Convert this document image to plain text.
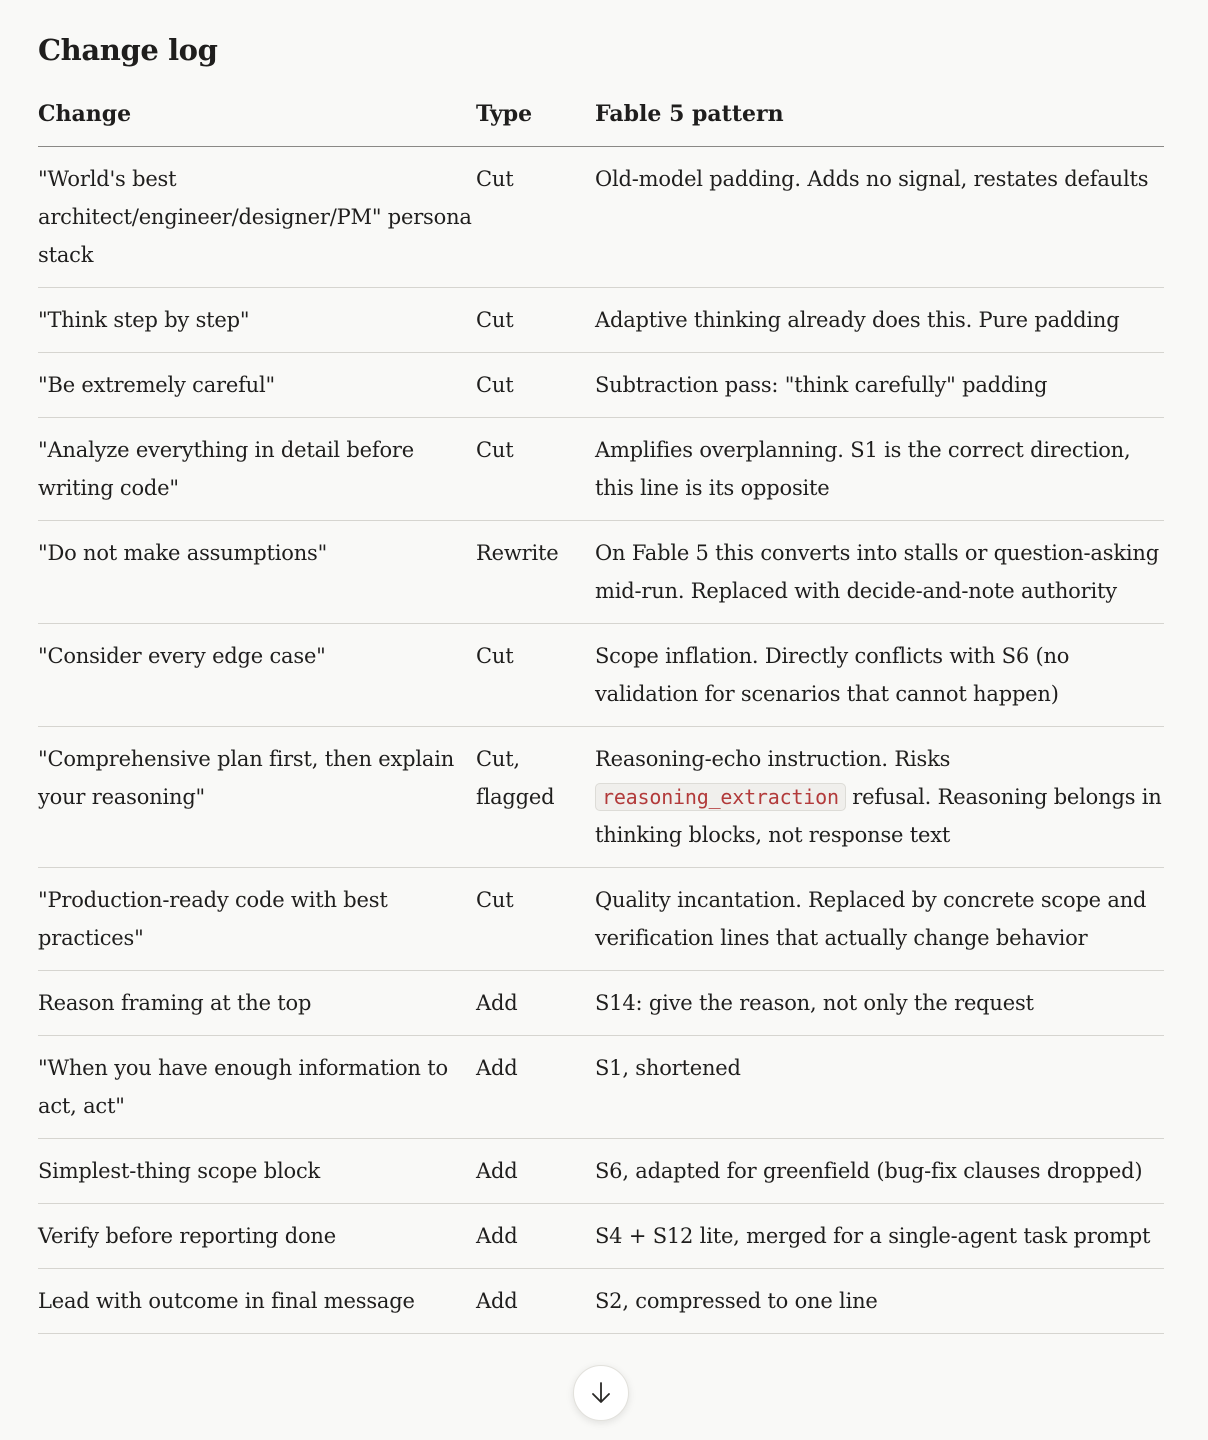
Change log
Change	Type	Fable 5 pattern
"World's best architect/engineer/designer/PM" persona stack	Cut	Old-model padding. Adds no signal, restates defaults
"Think step by step"	Cut	Adaptive thinking already does this. Pure padding
"Be extremely careful"	Cut	Subtraction pass: "think carefully" padding
"Analyze everything in detail before writing code"	Cut	Amplifies overplanning. S1 is the correct direction, this line is its opposite
"Do not make assumptions"	Rewrite	On Fable 5 this converts into stalls or question-asking mid-run. Replaced with decide-and-note authority
"Consider every edge case"	Cut	Scope inflation. Directly conflicts with S6 (no validation for scenarios that cannot happen)
"Comprehensive plan first, then explain your reasoning"	Cut, flagged	Reasoning-echo instruction. Risks reasoning_extraction refusal. Reasoning belongs in thinking blocks, not response text
"Production-ready code with best practices"	Cut	Quality incantation. Replaced by concrete scope and verification lines that actually change behavior
Reason framing at the top	Add	S14: give the reason, not only the request
"When you have enough information to act, act"	Add	S1, shortened
Simplest-thing scope block	Add	S6, adapted for greenfield (bug-fix clauses dropped)
Verify before reporting done	Add	S4 + S12 lite, merged for a single-agent task prompt
Lead with outcome in final message	Add	S2, compressed to one line
